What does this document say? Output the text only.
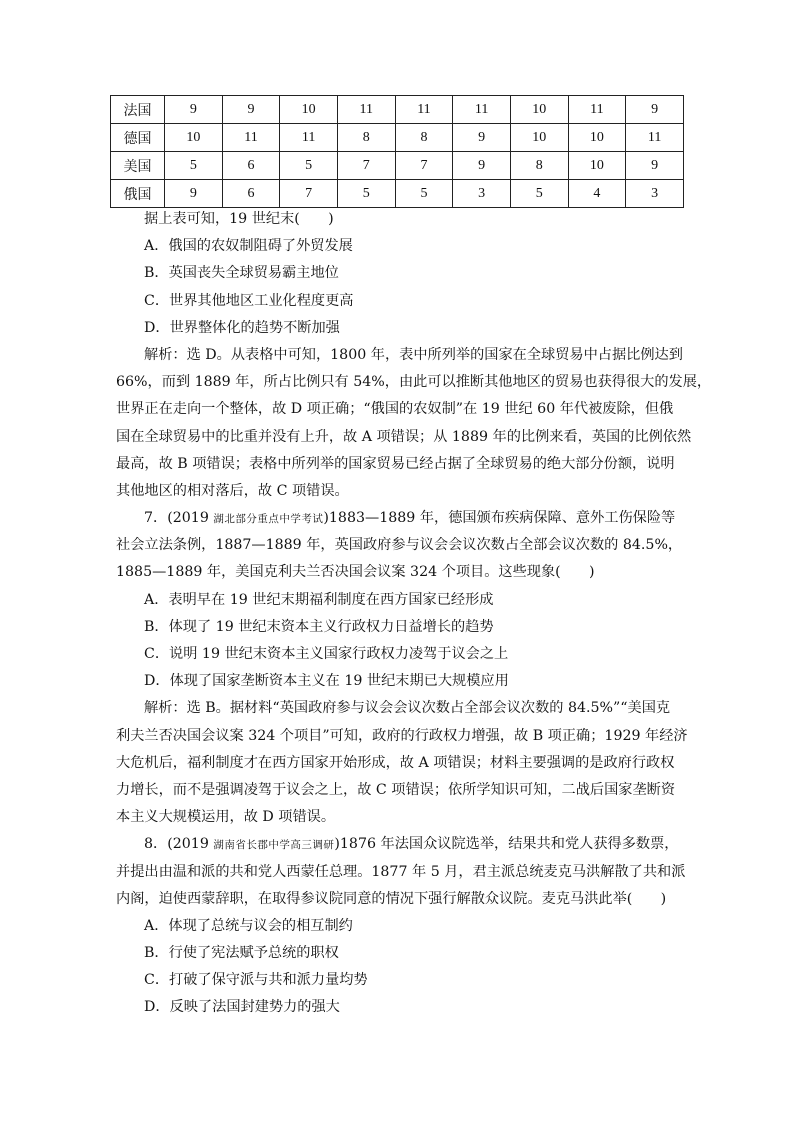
法国	9	9	10	11	11	11	10	11	9
德国	10	11	11	8	8	9	10	10	11
美国	5	6	5	7	7	9	8	10	9
俄国	9	6	7	5	5	3	5	4	3
据上表可知，19 世纪末(　　)
A．俄国的农奴制阻碍了外贸发展
B．英国丧失全球贸易霸主地位
C．世界其他地区工业化程度更高
D．世界整体化的趋势不断加强
解析：选 D。从表格中可知，1800 年，表中所列举的国家在全球贸易中占据比例达到
66%，而到 1889 年，所占比例只有 54%，由此可以推断其他地区的贸易也获得很大的发展，
世界正在走向一个整体，故 D 项正确；“俄国的农奴制”在 19 世纪 60 年代被废除，但俄
国在全球贸易中的比重并没有上升，故 A 项错误；从 1889 年的比例来看，英国的比例依然
最高，故 B 项错误；表格中所列举的国家贸易已经占据了全球贸易的绝大部分份额，说明
其他地区的相对落后，故 C 项错误。
7．(2019 湖北部分重点中学考试)1883—1889 年，德国颁布疾病保障、意外工伤保险等
社会立法条例，1887—1889 年，英国政府参与议会会议次数占全部会议次数的 84.5%，
1885—1889 年，美国克利夫兰否决国会议案 324 个项目。这些现象(　　)
A．表明早在 19 世纪末期福利制度在西方国家已经形成
B．体现了 19 世纪末资本主义行政权力日益增长的趋势
C．说明 19 世纪末资本主义国家行政权力凌驾于议会之上
D．体现了国家垄断资本主义在 19 世纪末期已大规模应用
解析：选 B。据材料“英国政府参与议会会议次数占全部会议次数的 84.5%”“美国克
利夫兰否决国会议案 324 个项目”可知，政府的行政权力增强，故 B 项正确；1929 年经济
大危机后，福利制度才在西方国家开始形成，故 A 项错误；材料主要强调的是政府行政权
力增长，而不是强调凌驾于议会之上，故 C 项错误；依所学知识可知，二战后国家垄断资
本主义大规模运用，故 D 项错误。
8．(2019 湖南省长郡中学高三调研)1876 年法国众议院选举，结果共和党人获得多数票，
并提出由温和派的共和党人西蒙任总理。1877 年 5 月，君主派总统麦克马洪解散了共和派
内阁，迫使西蒙辞职，在取得参议院同意的情况下强行解散众议院。麦克马洪此举(　　)
A．体现了总统与议会的相互制约
B．行使了宪法赋予总统的职权
C．打破了保守派与共和派力量均势
D．反映了法国封建势力的强大
